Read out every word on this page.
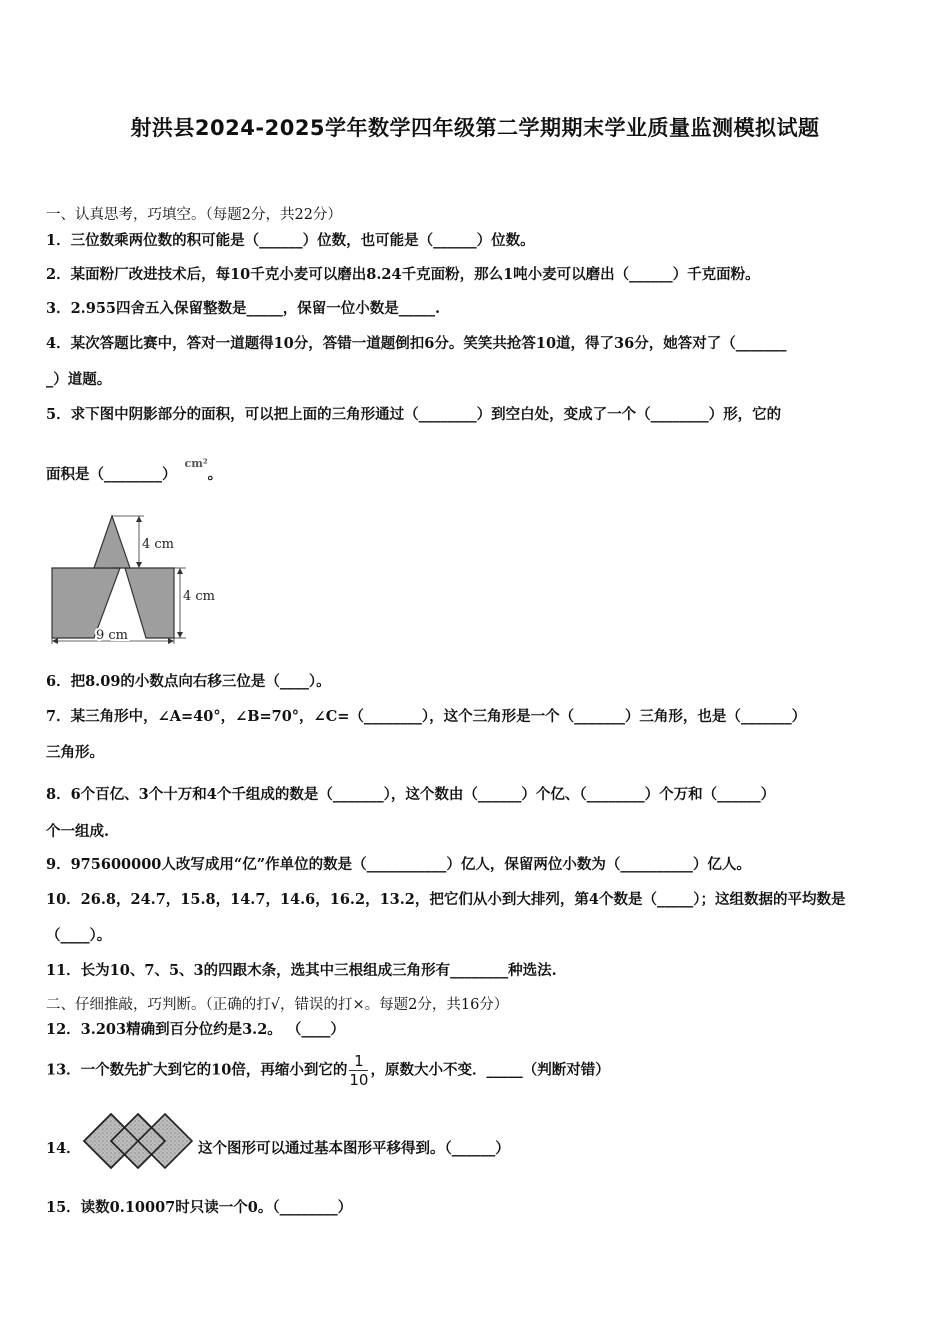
射洪县2024-2025学年数学四年级第二学期期末学业质量监测模拟试题
一、认真思考，巧填空。（每题2分，共22分）
1．三位数乘两位数的积可能是（______）位数，也可能是（______）位数。
2．某面粉厂改进技术后，每10千克小麦可以磨出8.24千克面粉，那么1吨小麦可以磨出（______）千克面粉。
3．2.955四舍五入保留整数是_____，保留一位小数是_____.
4．某次答题比赛中，答对一道题得10分，答错一道题倒扣6分。笑笑共抢答10道，得了36分，她答对了（_______
_）道题。
5．求下图中阴影部分的面积，可以把上面的三角形通过（________）到空白处，变成了一个（________）形，它的
面积是（________）$^{cm^2}$。
4 cm
4 cm
9 cm
6．把8.09的小数点向右移三位是（____）。
7．某三角形中，∠A=40°，∠B=70°，∠C=（________），这个三角形是一个（_______）三角形，也是（_______）
三角形。
8．6个百亿、3个十万和4个千组成的数是（_______），这个数由（______）个亿、（________）个万和（______）
个一组成.
9．975600000人改写成用“亿”作单位的数是（___________）亿人，保留两位小数为（__________）亿人。
10．26.8，24.7，15.8，14.7，14.6，16.2，13.2，把它们从小到大排列，第4个数是（_____）；这组数据的平均数是
（____）。
11．长为10、7、5、3的四跟木条，选其中三根组成三角形有________种选法.
二、仔细推敲，巧判断。（正确的打√，错误的打×。每题2分，共16分）
12．3.203精确到百分位约是3.2。 （____）
13．一个数先扩大到它的10倍，再缩小到它的 $\frac{1}{10}$ ，原数大小不变．_____（判断对错）
14．	这个图形可以通过基本图形平移得到。（______）
15．读数0.10007时只读一个0。（________）
